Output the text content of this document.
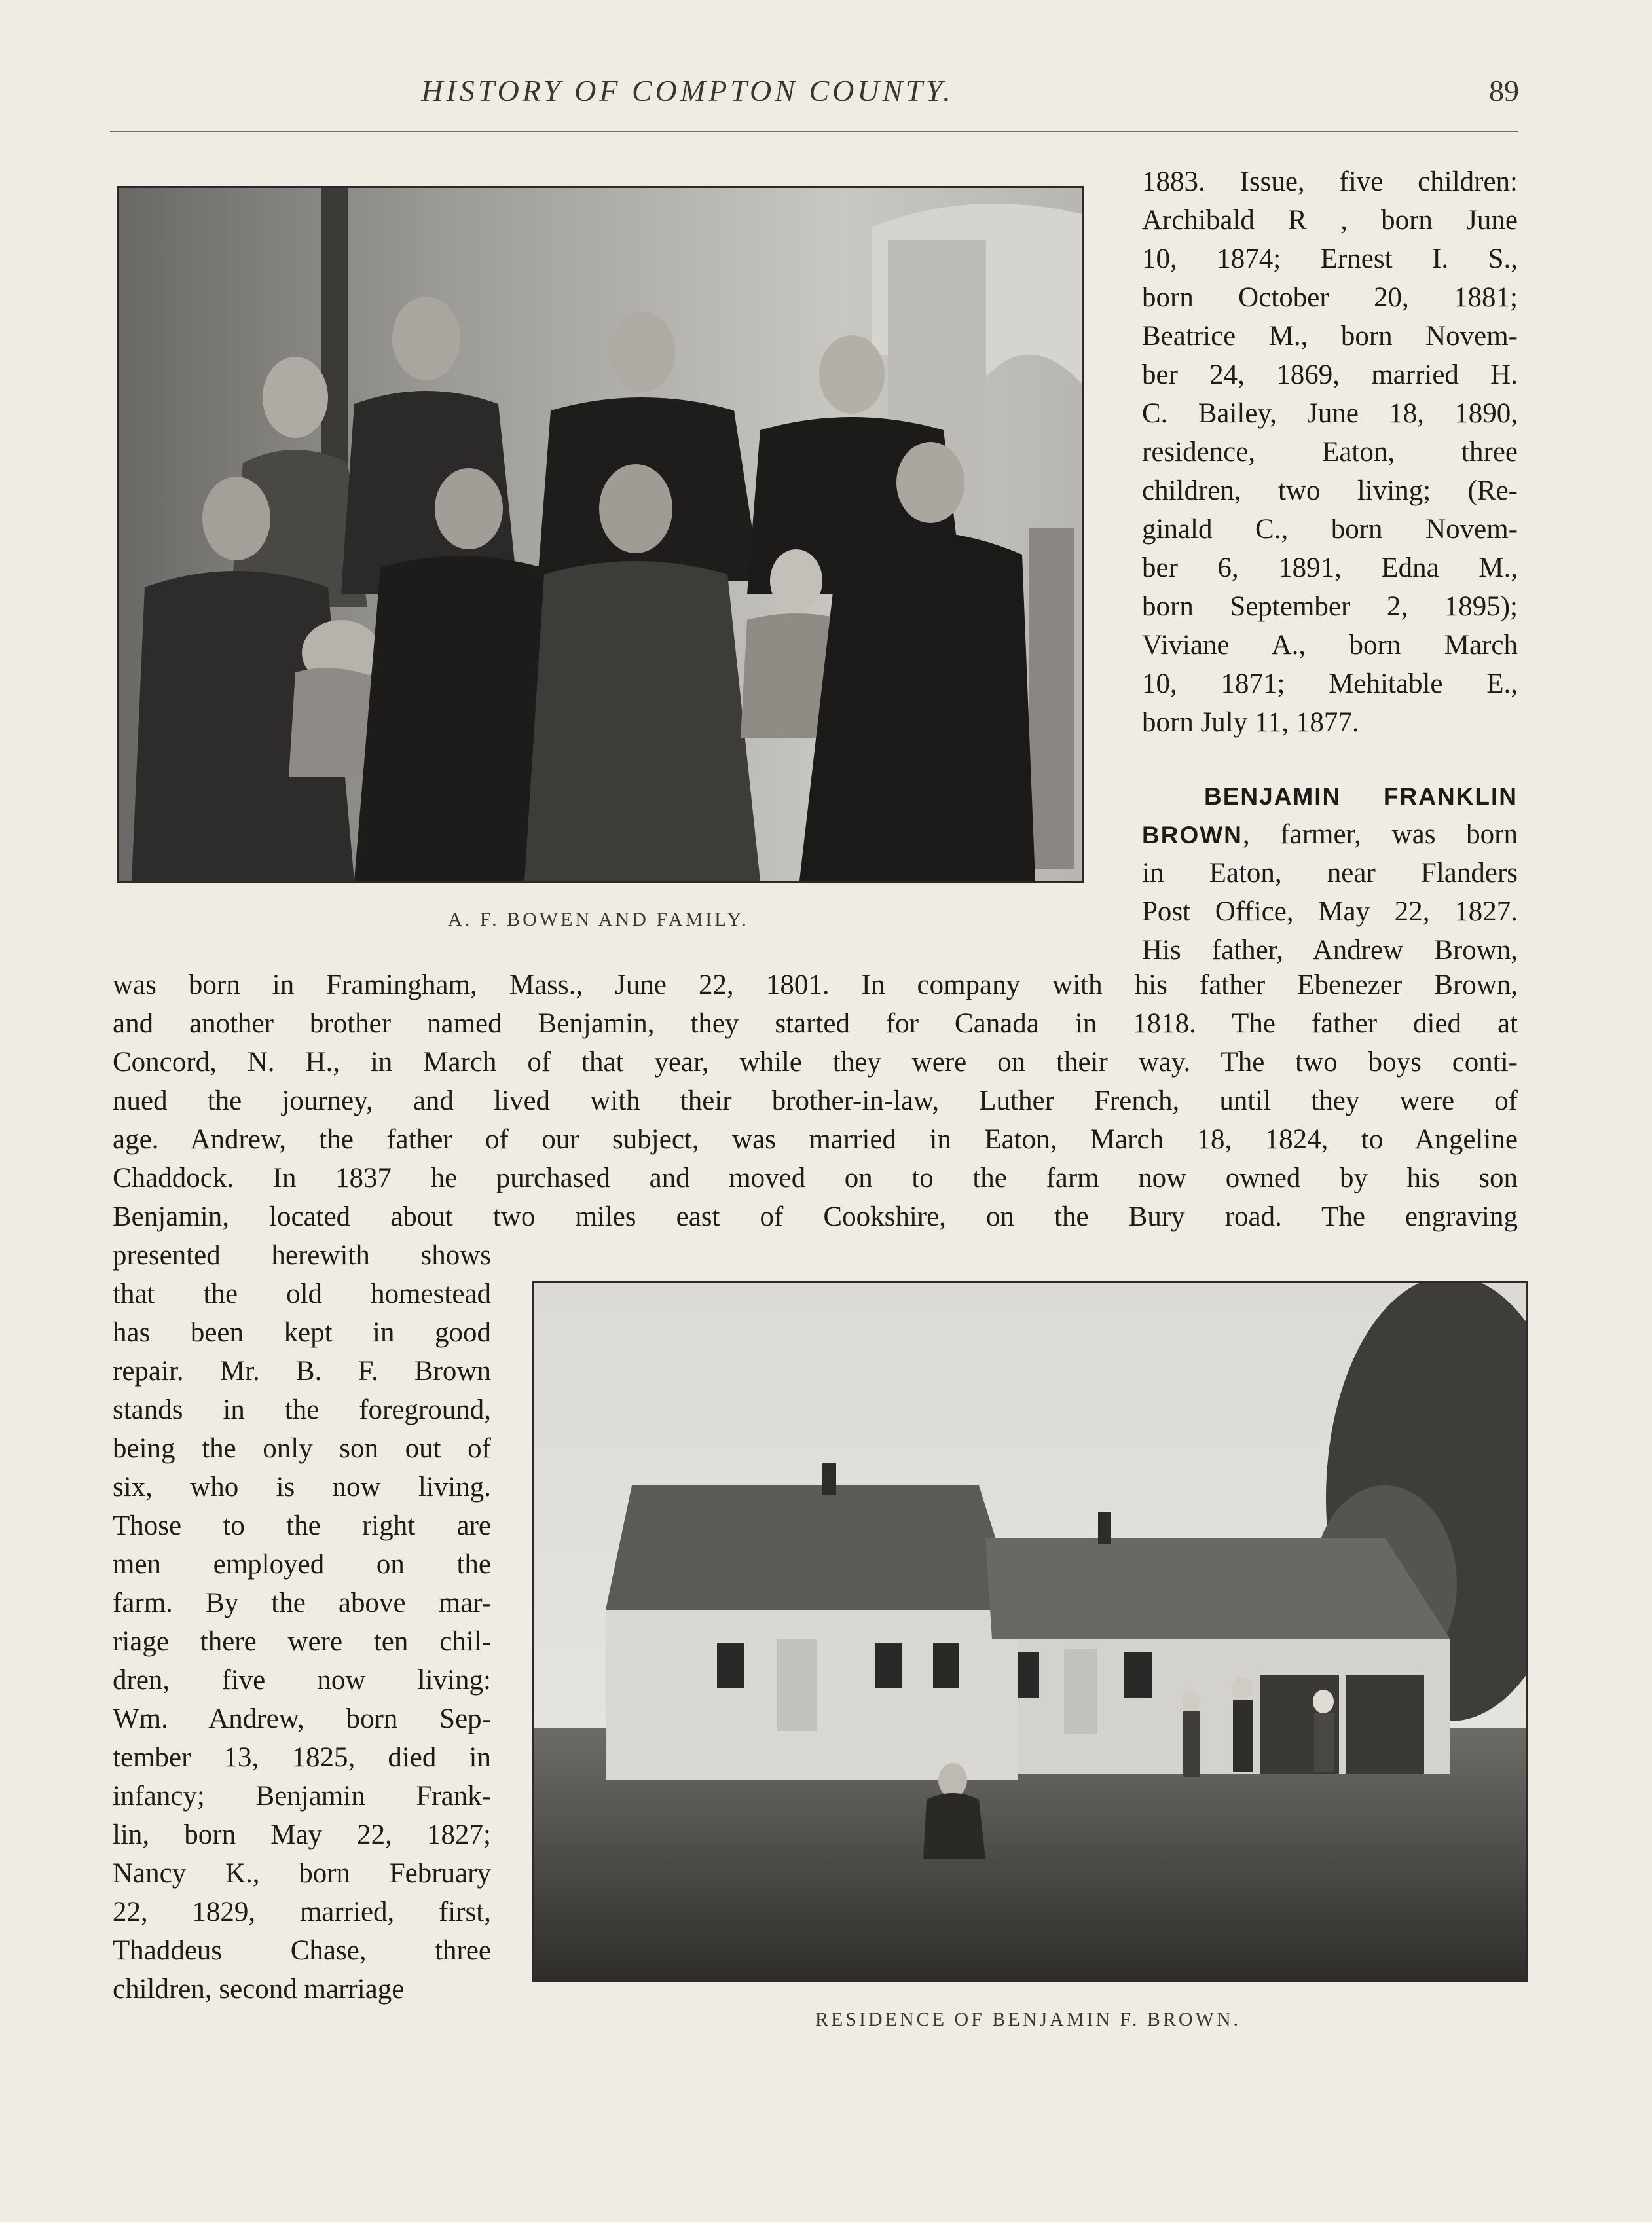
HISTORY OF COMPTON COUNTY.	89
A. F. BOWEN AND FAMILY.
1883. Issue, five children:
Archibald R , born June
10, 1874; Ernest I. S.,
born October 20, 1881;
Beatrice M., born Novem-
ber 24, 1869, married H.
C. Bailey, June 18, 1890,
residence, Eaton, three
children, two living; (Re-
ginald C., born Novem-
ber 6, 1891, Edna M.,
born September 2, 1895);
Viviane A., born March
10, 1871; Mehitable E.,
born July 11, 1877.
BENJAMIN FRANKLIN
BROWN, farmer, was born
in Eaton, near Flanders
Post Office, May 22, 1827.
His father, Andrew Brown,
was born in Framingham, Mass., June 22, 1801. In company with his father Ebenezer Brown,
and another brother named Benjamin, they started for Canada in 1818. The father died at
Concord, N. H., in March of that year, while they were on their way. The two boys conti-
nued the journey, and lived with their brother-in-law, Luther French, until they were of
age. Andrew, the father of our subject, was married in Eaton, March 18, 1824, to Angeline
Chaddock. In 1837 he purchased and moved on to the farm now owned by his son
Benjamin, located about two miles east of Cookshire, on the Bury road. The engraving
presented herewith shows
that the old homestead
has been kept in good
repair. Mr. B. F. Brown
stands in the foreground,
being the only son out of
six, who is now living.
Those to the right are
men employed on the
farm. By the above mar-
riage there were ten chil-
dren, five now living:
Wm. Andrew, born Sep-
tember 13, 1825, died in
infancy; Benjamin Frank-
lin, born May 22, 1827;
Nancy K., born February
22, 1829, married, first,
Thaddeus Chase, three
children, second marriage
RESIDENCE OF BENJAMIN F. BROWN.
